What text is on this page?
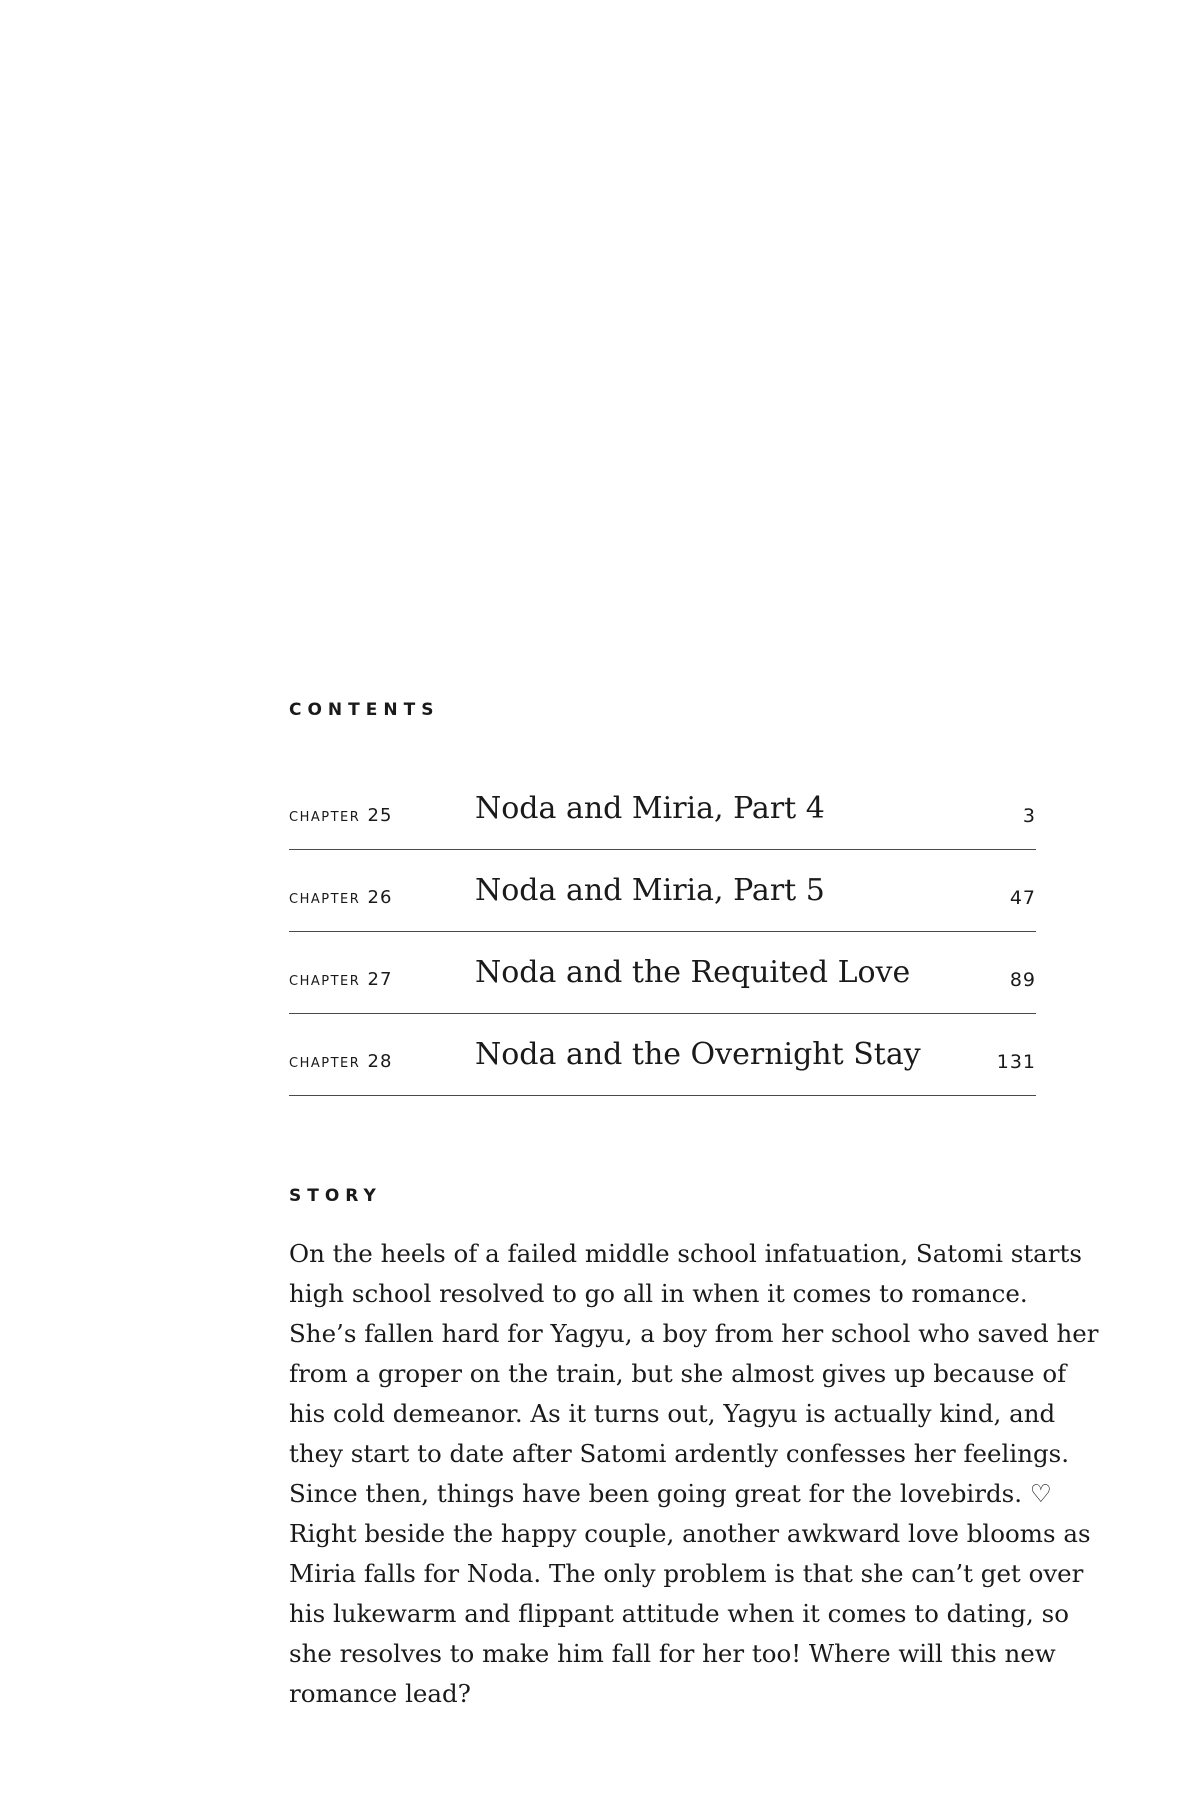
CONTENTS
chapter 25	Noda and Miria, Part 4	3
chapter 26	Noda and Miria, Part 5	47
chapter 27	Noda and the Requited Love	89
chapter 28	Noda and the Overnight Stay	131
STORY

On the heels of a failed middle school infatuation, Satomi starts
high school resolved to go all in when it comes to romance.
She’s fallen hard for Yagyu, a boy from her school who saved her
from a groper on the train, but she almost gives up because of
his cold demeanor. As it turns out, Yagyu is actually kind, and
they start to date after Satomi ardently confesses her feelings.
Since then, things have been going great for the lovebirds. ♡
Right beside the happy couple, another awkward love blooms as
Miria falls for Noda. The only problem is that she can’t get over
his lukewarm and flippant attitude when it comes to dating, so
she resolves to make him fall for her too! Where will this new
romance lead?
